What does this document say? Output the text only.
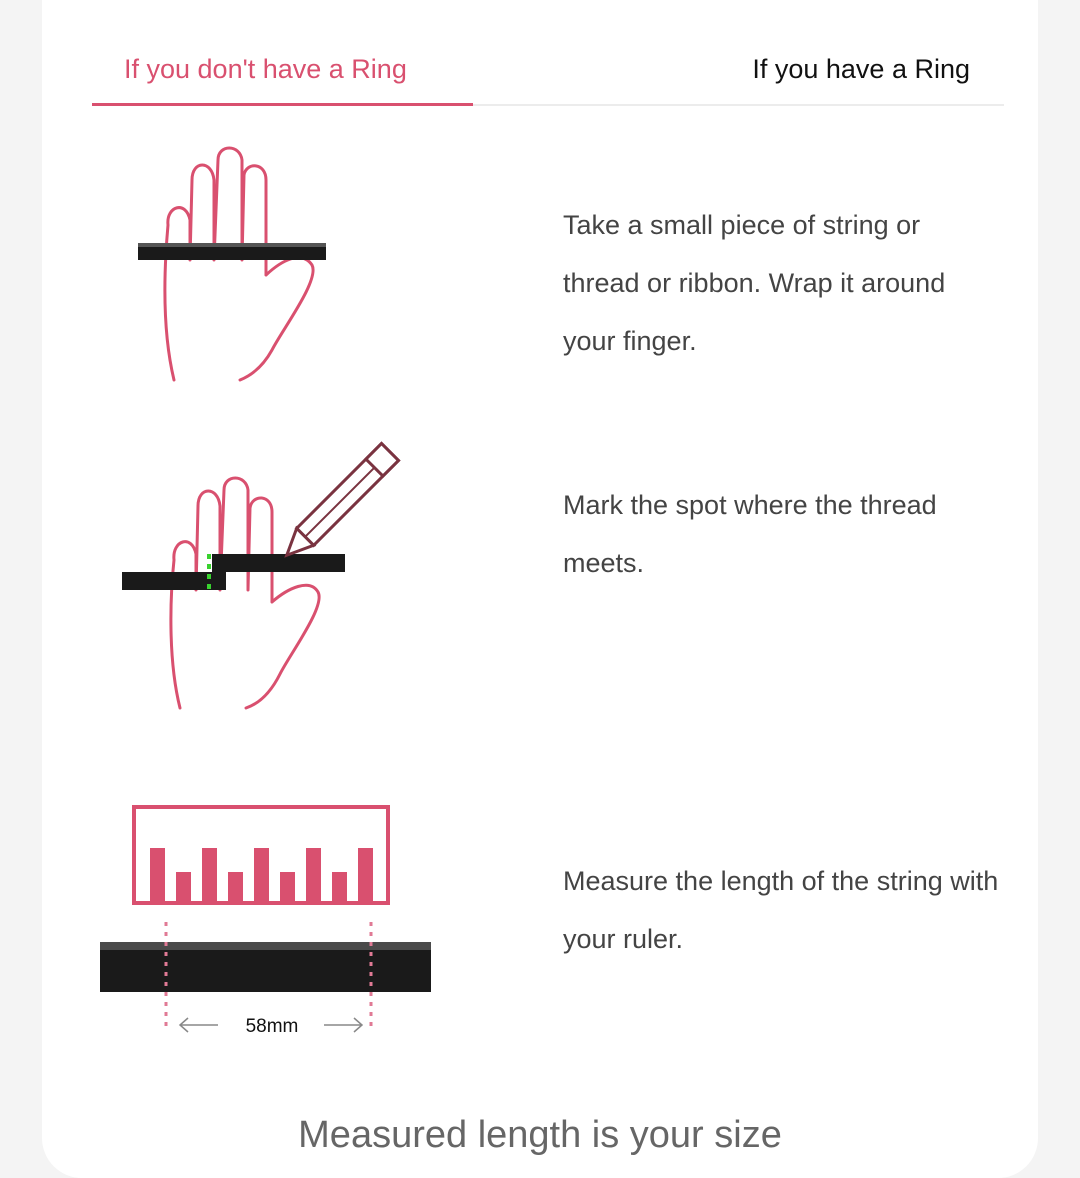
If you don't have a Ring	If you have a Ring
Take a small piece of string or thread or ribbon. Wrap it around your finger.
Mark the spot where the thread meets.
58mm
Measure the length of the string with your ruler.
Measured length is your size
